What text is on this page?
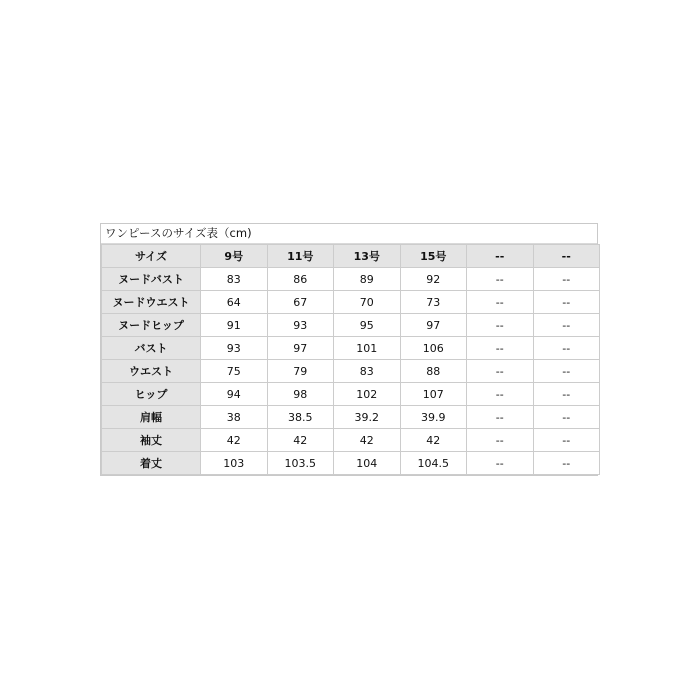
ワンピースのサイズ表（cm)
サイズ	9号	11号	13号	15号	--	--
ヌードバスト	83	86	89	92	--	--
ヌードウエスト	64	67	70	73	--	--
ヌードヒップ	91	93	95	97	--	--
バスト	93	97	101	106	--	--
ウエスト	75	79	83	88	--	--
ヒップ	94	98	102	107	--	--
肩幅	38	38.5	39.2	39.9	--	--
袖丈	42	42	42	42	--	--
着丈	103	103.5	104	104.5	--	--
